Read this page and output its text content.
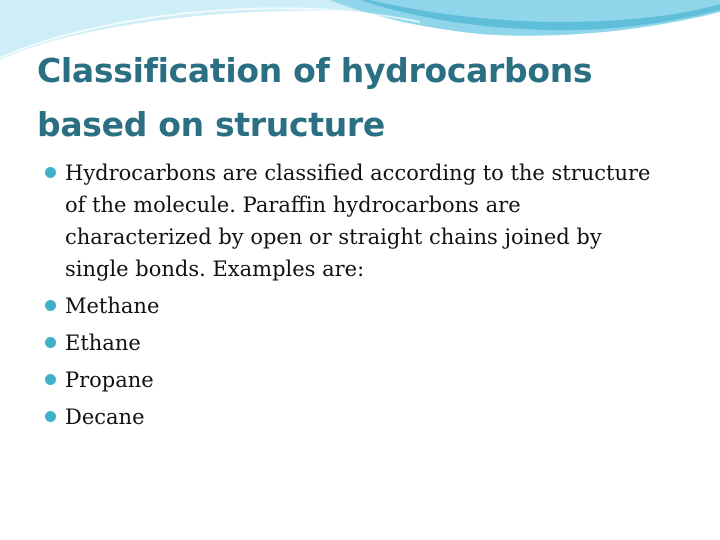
Classification of hydrocarbons
based on structure
Hydrocarbons are classified according to the structure
of the molecule. Paraffin hydrocarbons are
characterized by open or straight chains joined by
single bonds. Examples are:
Methane
Ethane
Propane
Decane
